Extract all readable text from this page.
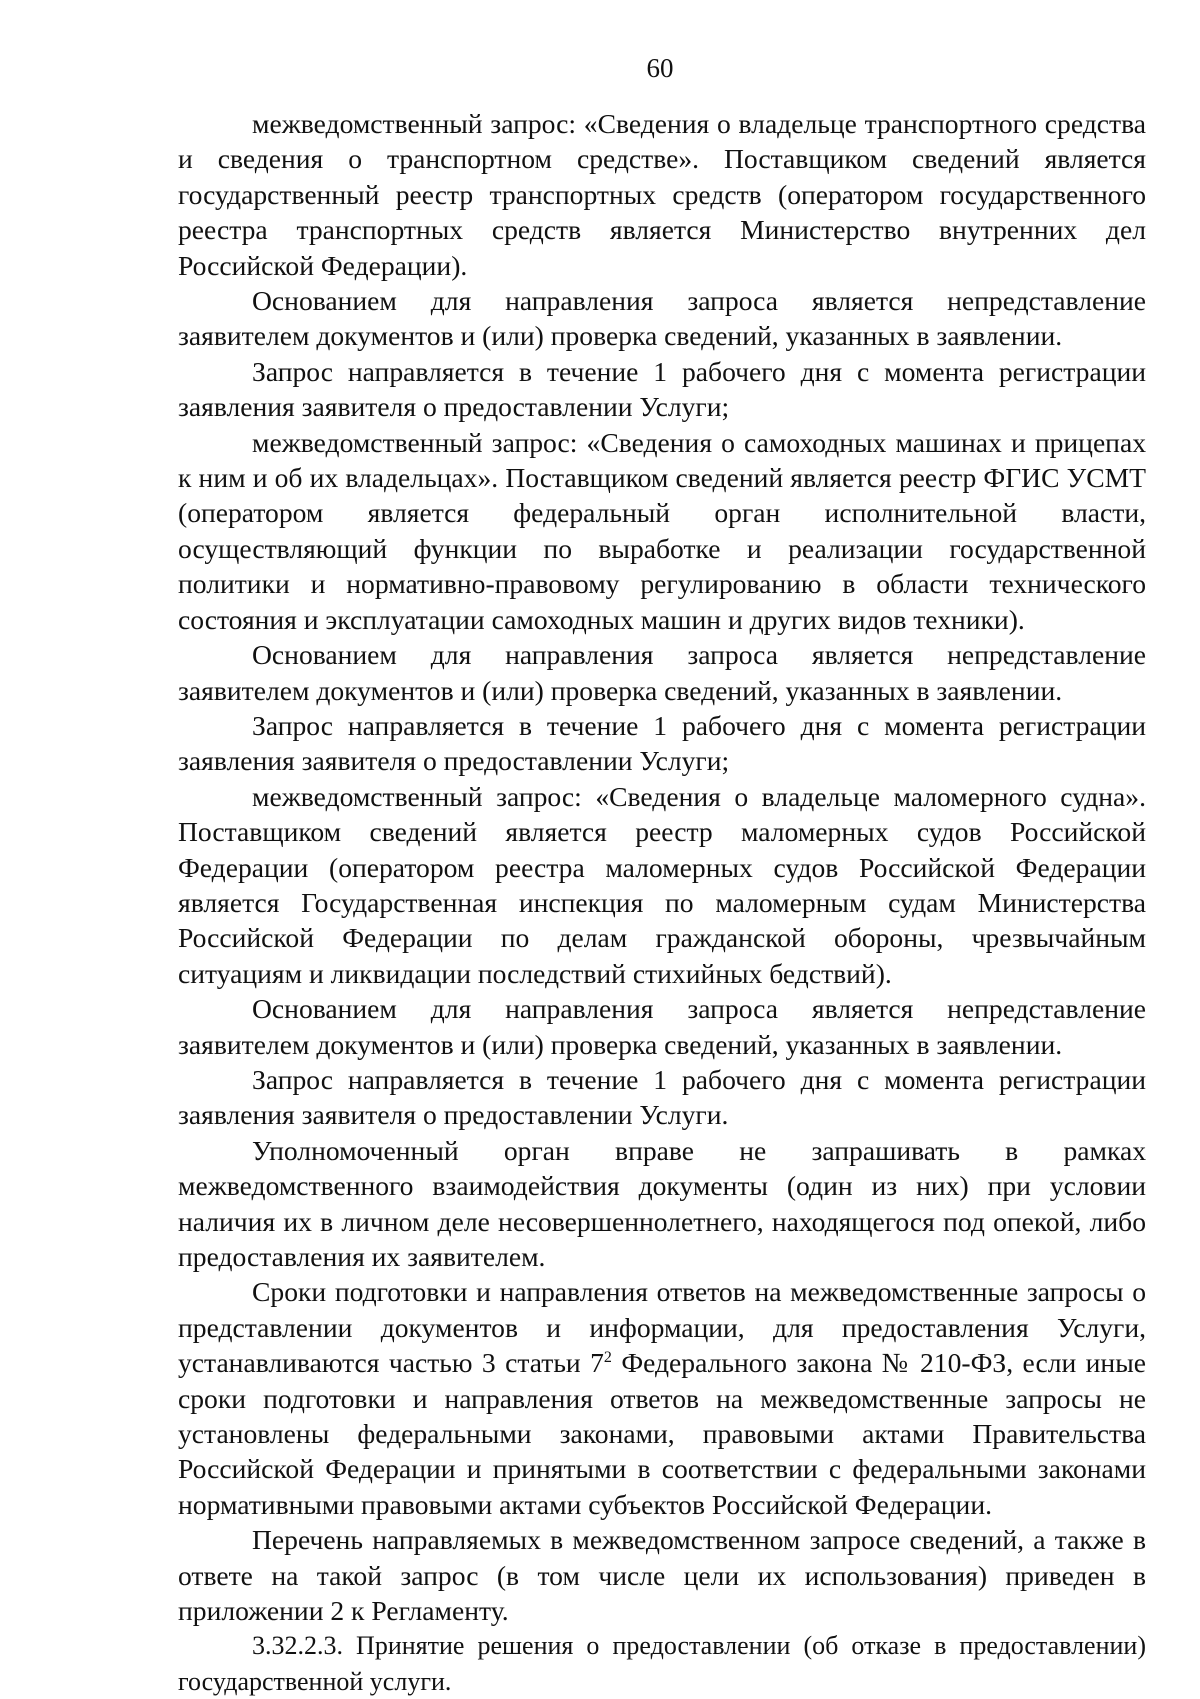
60

межведомственный запрос: «Сведения о владельце транспортного средства и сведения о транспортном средстве». Поставщиком сведений является государственный реестр транспортных средств (оператором государственного реестра транспортных средств является Министерство внутренних дел Российской Федерации).

Основанием для направления запроса является непредставление заявителем документов и (или) проверка сведений, указанных в заявлении.

Запрос направляется в течение 1 рабочего дня с момента регистрации заявления заявителя о предоставлении Услуги;

межведомственный запрос: «Сведения о самоходных машинах и прицепах к ним и об их владельцах». Поставщиком сведений является реестр ФГИС УСМТ (оператором является федеральный орган исполнительной власти, осуществляющий функции по выработке и реализации государственной политики и нормативно-правовому регулированию в области технического состояния и эксплуатации самоходных машин и других видов техники).

Основанием для направления запроса является непредставление заявителем документов и (или) проверка сведений, указанных в заявлении.

Запрос направляется в течение 1 рабочего дня с момента регистрации заявления заявителя о предоставлении Услуги;

межведомственный запрос: «Сведения о владельце маломерного судна». Поставщиком сведений является реестр маломерных судов Российской Федерации (оператором реестра маломерных судов Российской Федерации является Государственная инспекция по маломерным судам Министерства Российской Федерации по делам гражданской обороны, чрезвычайным ситуациям и ликвидации последствий стихийных бедствий).

Основанием для направления запроса является непредставление заявителем документов и (или) проверка сведений, указанных в заявлении.

Запрос направляется в течение 1 рабочего дня с момента регистрации заявления заявителя о предоставлении Услуги.

Уполномоченный орган вправе не запрашивать в рамках межведомственного взаимодействия документы (один из них) при условии наличия их в личном деле несовершеннолетнего, находящегося под опекой, либо предоставления их заявителем.

Сроки подготовки и направления ответов на межведомственные запросы о представлении документов и информации, для предоставления Услуги, устанавливаются частью 3 статьи $7^2$ Федерального закона № 210-ФЗ, если иные сроки подготовки и направления ответов на межведомственные запросы не установлены федеральными законами, правовыми актами Правительства Российской Федерации и принятыми в соответствии с федеральными законами нормативными правовыми актами субъектов Российской Федерации.

Перечень направляемых в межведомственном запросе сведений, а также в ответе на такой запрос (в том числе цели их использования) приведен в приложении 2 к Регламенту.

3.32.2.3. Принятие решения о предоставлении (об отказе в предоставлении) государственной услуги.
